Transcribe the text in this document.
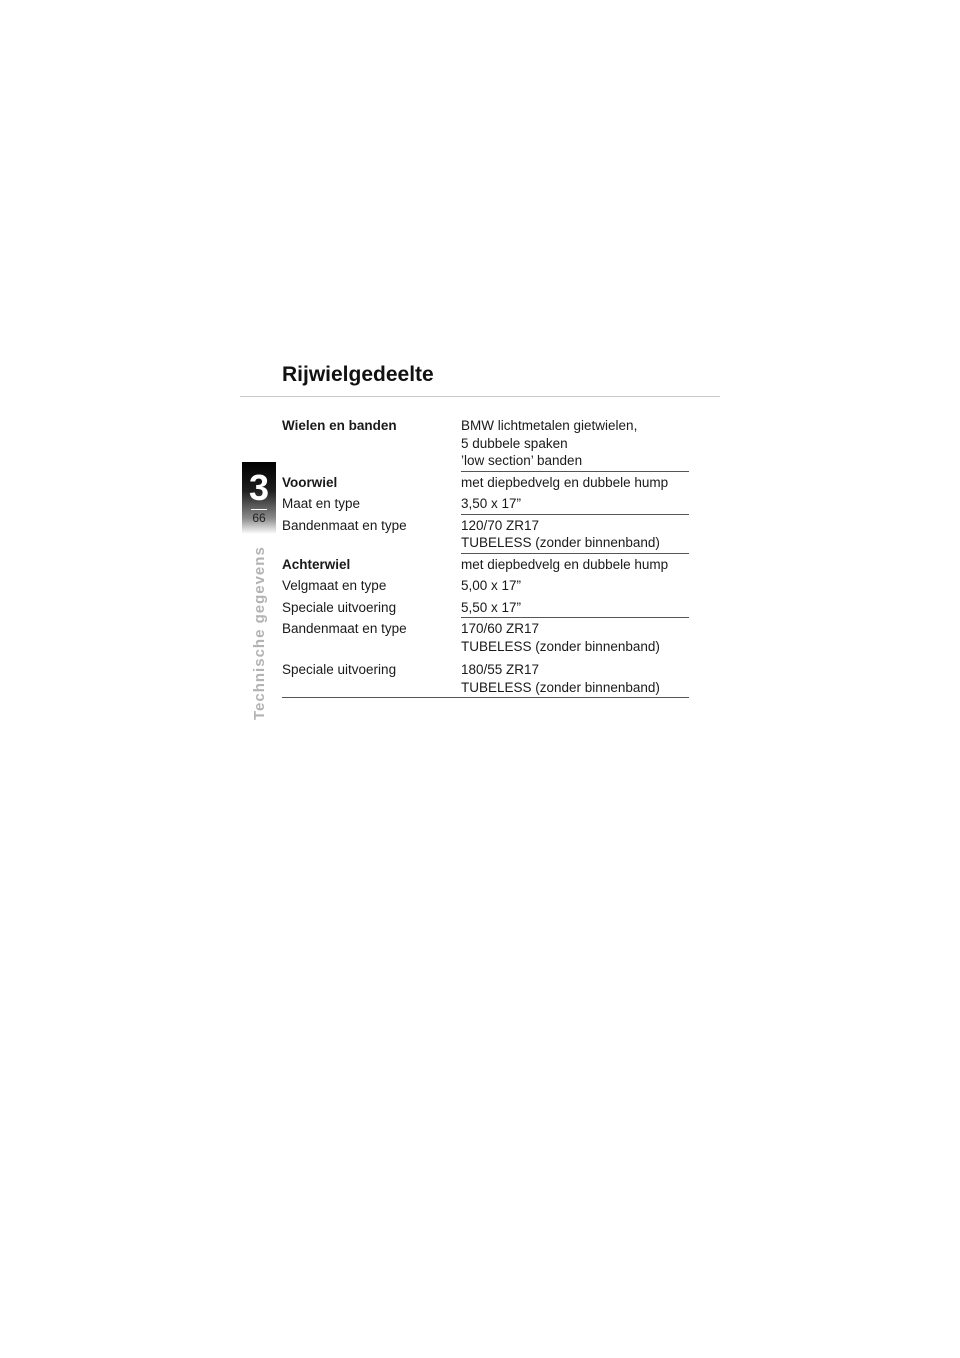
3
66
Technische gegevens
Rijwielgedeelte
Wielen en banden	BMW lichtmetalen gietwielen,
5 dubbele spaken
’low section’ banden
Voorwiel	met diepbedvelg en dubbele hump
Maat en type	3,50 x 17”
Bandenmaat en type	120/70 ZR17
TUBELESS (zonder binnenband)
Achterwiel	met diepbedvelg en dubbele hump
Velgmaat en type	5,00 x 17”
Speciale uitvoering	5,50 x 17”
Bandenmaat en type	170/60 ZR17
TUBELESS (zonder binnenband)
Speciale uitvoering	180/55 ZR17
TUBELESS (zonder binnenband)
